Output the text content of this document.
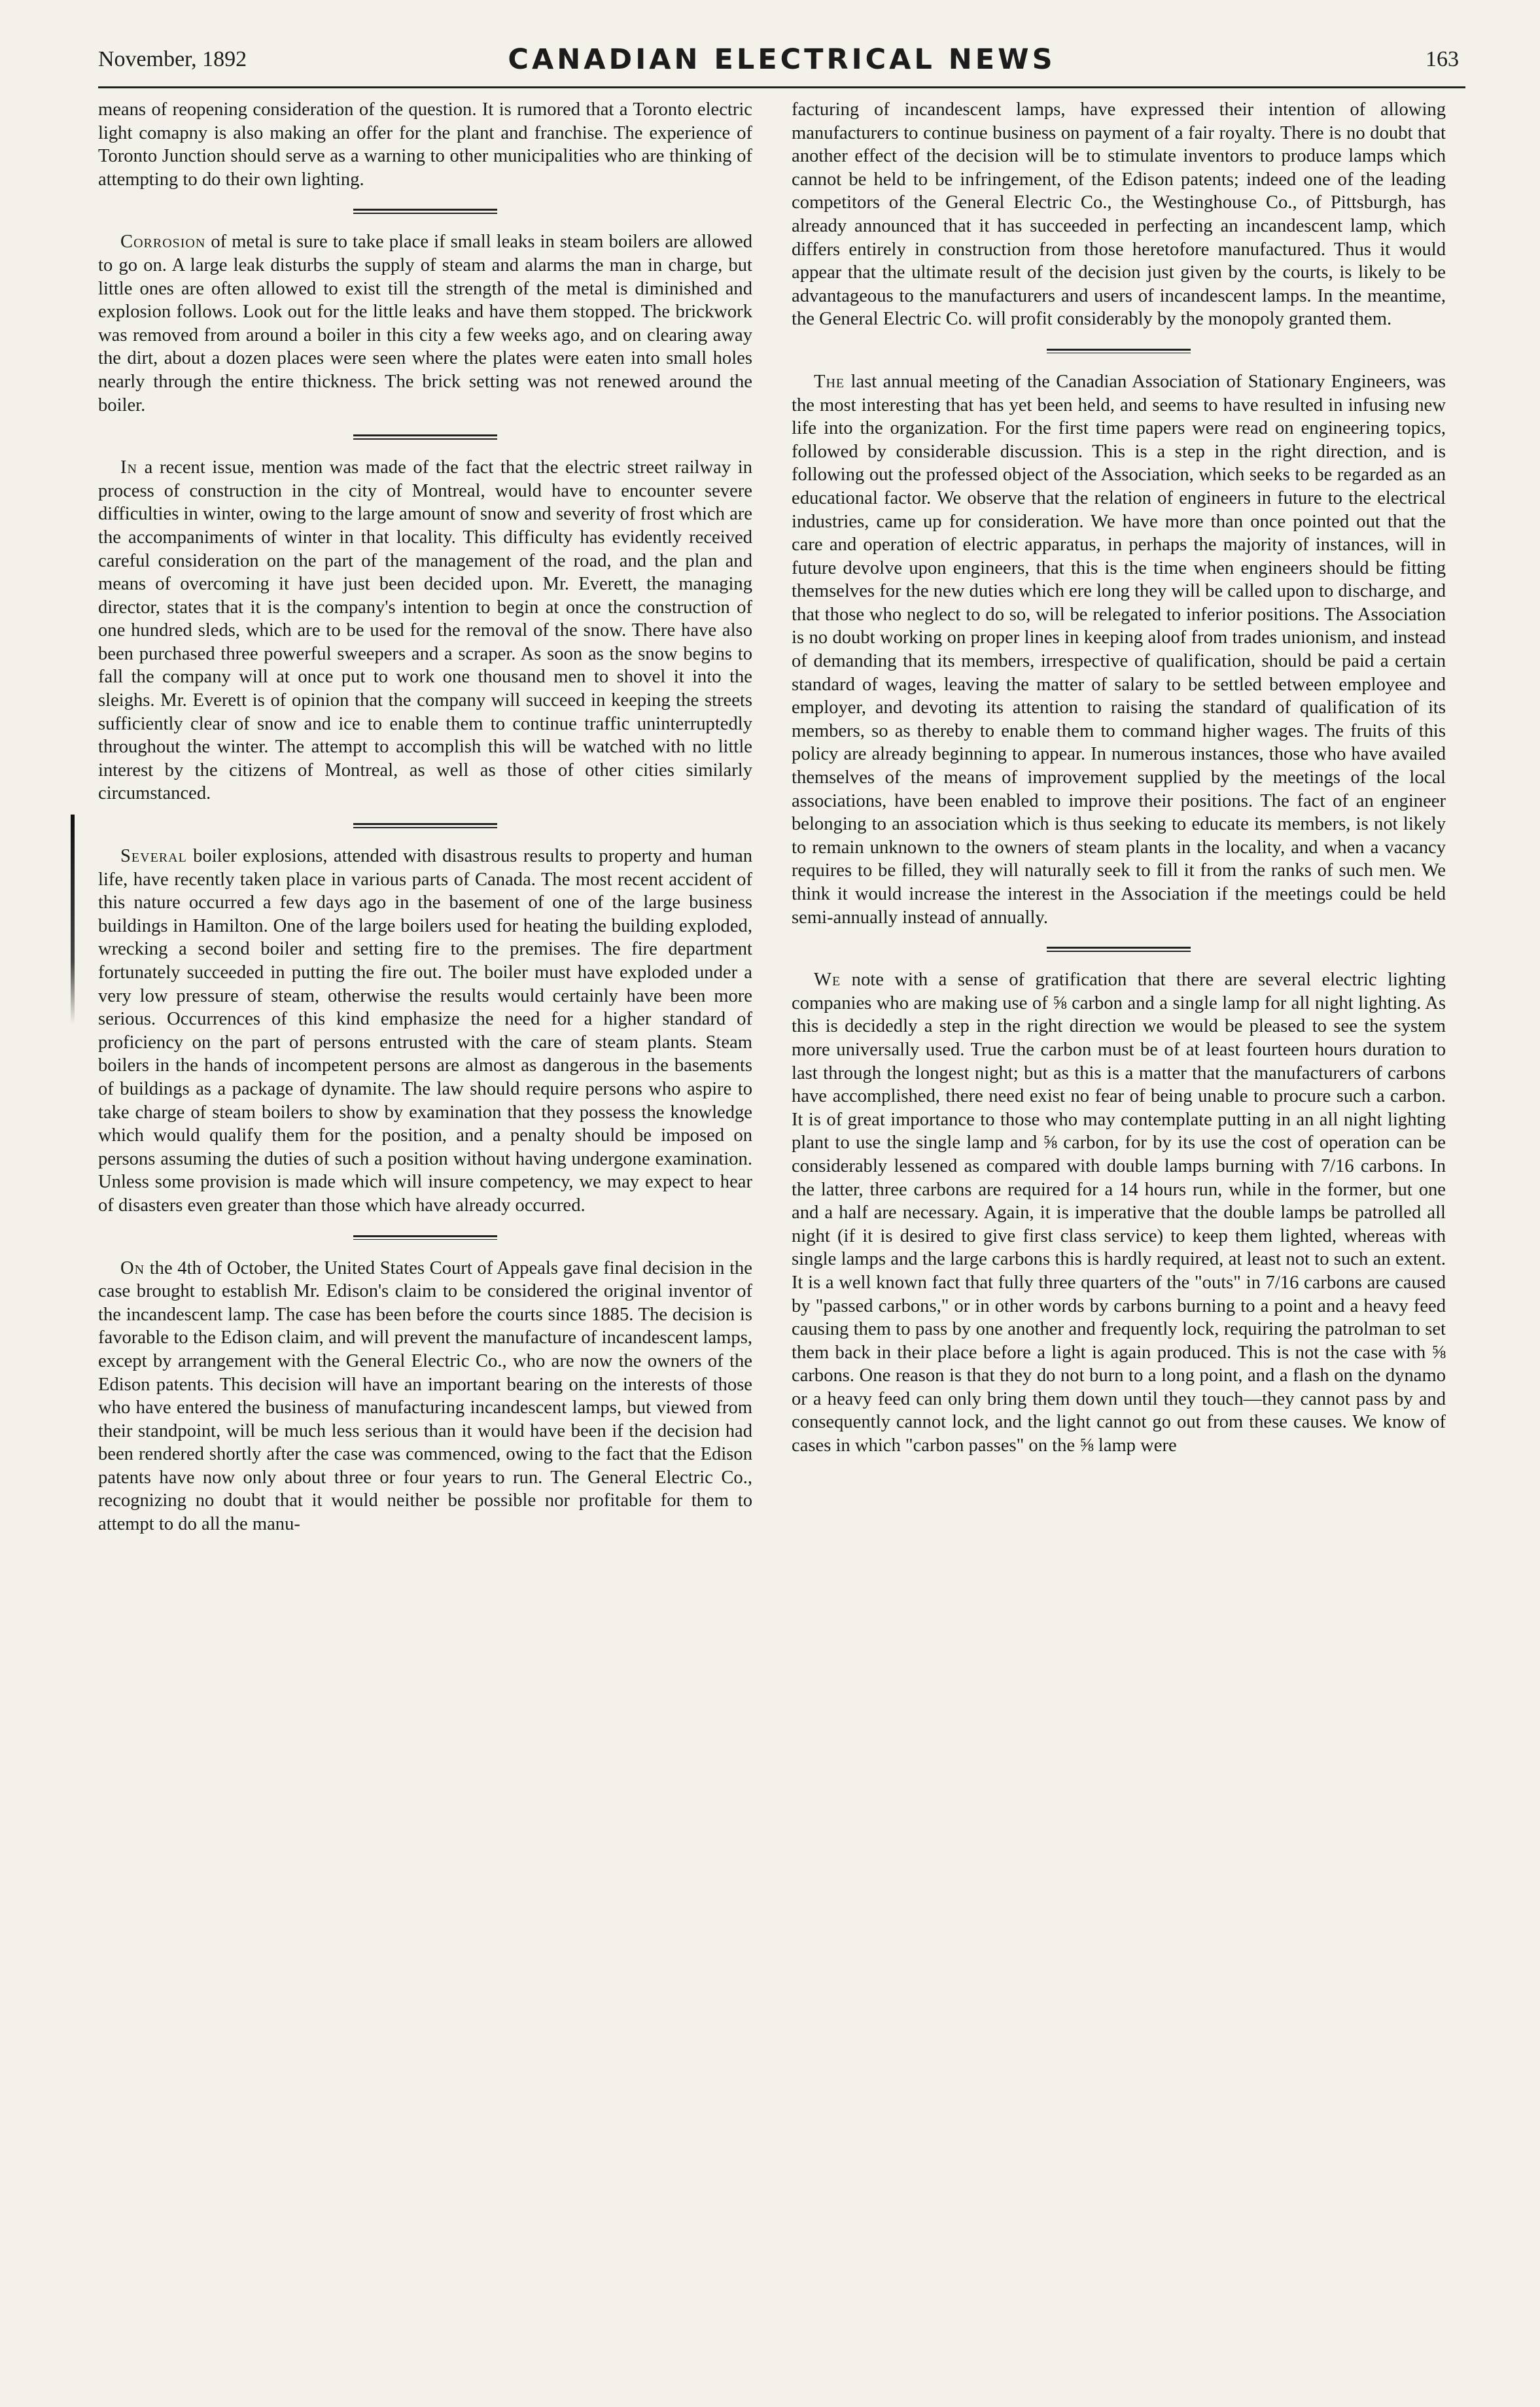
November, 1892	CANADIAN ELECTRICAL NEWS	163

means of reopening consideration of the question. It is rumored that a Toronto electric light comapny is also making an offer for the plant and franchise. The experience of Toronto Junction should serve as a warning to other municipalities who are thinking of attempting to do their own lighting.

Corrosion of metal is sure to take place if small leaks in steam boilers are allowed to go on. A large leak disturbs the supply of steam and alarms the man in charge, but little ones are often allowed to exist till the strength of the metal is diminished and explosion follows. Look out for the little leaks and have them stopped. The brickwork was removed from around a boiler in this city a few weeks ago, and on clearing away the dirt, about a dozen places were seen where the plates were eaten into small holes nearly through the entire thickness. The brick setting was not renewed around the boiler.

In a recent issue, mention was made of the fact that the electric street railway in process of construction in the city of Montreal, would have to encounter severe difficulties in winter, owing to the large amount of snow and severity of frost which are the accompaniments of winter in that locality. This difficulty has evidently received careful consideration on the part of the management of the road, and the plan and means of overcoming it have just been decided upon. Mr. Everett, the managing director, states that it is the company's intention to begin at once the construction of one hundred sleds, which are to be used for the removal of the snow. There have also been purchased three powerful sweepers and a scraper. As soon as the snow begins to fall the company will at once put to work one thousand men to shovel it into the sleighs. Mr. Everett is of opinion that the company will succeed in keeping the streets sufficiently clear of snow and ice to enable them to continue traffic uninterruptedly throughout the winter. The attempt to accomplish this will be watched with no little interest by the citizens of Montreal, as well as those of other cities similarly circumstanced.

Several boiler explosions, attended with disastrous results to property and human life, have recently taken place in various parts of Canada. The most recent accident of this nature occurred a few days ago in the basement of one of the large business buildings in Hamilton. One of the large boilers used for heating the building exploded, wrecking a second boiler and setting fire to the premises. The fire department fortunately succeeded in putting the fire out. The boiler must have exploded under a very low pressure of steam, otherwise the results would certainly have been more serious. Occurrences of this kind emphasize the need for a higher standard of proficiency on the part of persons entrusted with the care of steam plants. Steam boilers in the hands of incompetent persons are almost as dangerous in the basements of buildings as a package of dynamite. The law should require persons who aspire to take charge of steam boilers to show by examination that they possess the knowledge which would qualify them for the position, and a penalty should be imposed on persons assuming the duties of such a position without having undergone examination. Unless some provision is made which will insure competency, we may expect to hear of disasters even greater than those which have already occurred.

On the 4th of October, the United States Court of Appeals gave final decision in the case brought to establish Mr. Edison's claim to be considered the original inventor of the incandescent lamp. The case has been before the courts since 1885. The decision is favorable to the Edison claim, and will prevent the manufacture of incandescent lamps, except by arrangement with the General Electric Co., who are now the owners of the Edison patents. This decision will have an important bearing on the interests of those who have entered the business of manufacturing incandescent lamps, but viewed from their standpoint, will be much less serious than it would have been if the decision had been rendered shortly after the case was commenced, owing to the fact that the Edison patents have now only about three or four years to run. The General Electric Co., recognizing no doubt that it would neither be possible nor profitable for them to attempt to do all the manu-

facturing of incandescent lamps, have expressed their intention of allowing manufacturers to continue business on payment of a fair royalty. There is no doubt that another effect of the decision will be to stimulate inventors to produce lamps which cannot be held to be infringement, of the Edison patents; indeed one of the leading competitors of the General Electric Co., the Westinghouse Co., of Pittsburgh, has already announced that it has succeeded in perfecting an incandescent lamp, which differs entirely in construction from those heretofore manufactured. Thus it would appear that the ultimate result of the decision just given by the courts, is likely to be advantageous to the manufacturers and users of incandescent lamps. In the meantime, the General Electric Co. will profit considerably by the monopoly granted them.

The last annual meeting of the Canadian Association of Stationary Engineers, was the most interesting that has yet been held, and seems to have resulted in infusing new life into the organization. For the first time papers were read on engineering topics, followed by considerable discussion. This is a step in the right direction, and is following out the professed object of the Association, which seeks to be regarded as an educational factor. We observe that the relation of engineers in future to the electrical industries, came up for consideration. We have more than once pointed out that the care and operation of electric apparatus, in perhaps the majority of instances, will in future devolve upon engineers, that this is the time when engineers should be fitting themselves for the new duties which ere long they will be called upon to discharge, and that those who neglect to do so, will be relegated to inferior positions. The Association is no doubt working on proper lines in keeping aloof from trades unionism, and instead of demanding that its members, irrespective of qualification, should be paid a certain standard of wages, leaving the matter of salary to be settled between employee and employer, and devoting its attention to raising the standard of qualification of its members, so as thereby to enable them to command higher wages. The fruits of this policy are already beginning to appear. In numerous instances, those who have availed themselves of the means of improvement supplied by the meetings of the local associations, have been enabled to improve their positions. The fact of an engineer belonging to an association which is thus seeking to educate its members, is not likely to remain unknown to the owners of steam plants in the locality, and when a vacancy requires to be filled, they will naturally seek to fill it from the ranks of such men. We think it would increase the interest in the Association if the meetings could be held semi-annually instead of annually.

We note with a sense of gratification that there are several electric lighting companies who are making use of ⅝ carbon and a single lamp for all night lighting. As this is decidedly a step in the right direction we would be pleased to see the system more universally used. True the carbon must be of at least fourteen hours duration to last through the longest night; but as this is a matter that the manufacturers of carbons have accomplished, there need exist no fear of being unable to procure such a carbon. It is of great importance to those who may contemplate putting in an all night lighting plant to use the single lamp and ⅝ carbon, for by its use the cost of operation can be considerably lessened as compared with double lamps burning with 7/16 carbons. In the latter, three carbons are required for a 14 hours run, while in the former, but one and a half are necessary. Again, it is imperative that the double lamps be patrolled all night (if it is desired to give first class service) to keep them lighted, whereas with single lamps and the large carbons this is hardly required, at least not to such an extent. It is a well known fact that fully three quarters of the "outs" in 7/16 carbons are caused by "passed carbons," or in other words by carbons burning to a point and a heavy feed causing them to pass by one another and frequently lock, requiring the patrolman to set them back in their place before a light is again produced. This is not the case with ⅝ carbons. One reason is that they do not burn to a long point, and a flash on the dynamo or a heavy feed can only bring them down until they touch—they cannot pass by and consequently cannot lock, and the light cannot go out from these causes. We know of cases in which "carbon passes" on the ⅝ lamp were
